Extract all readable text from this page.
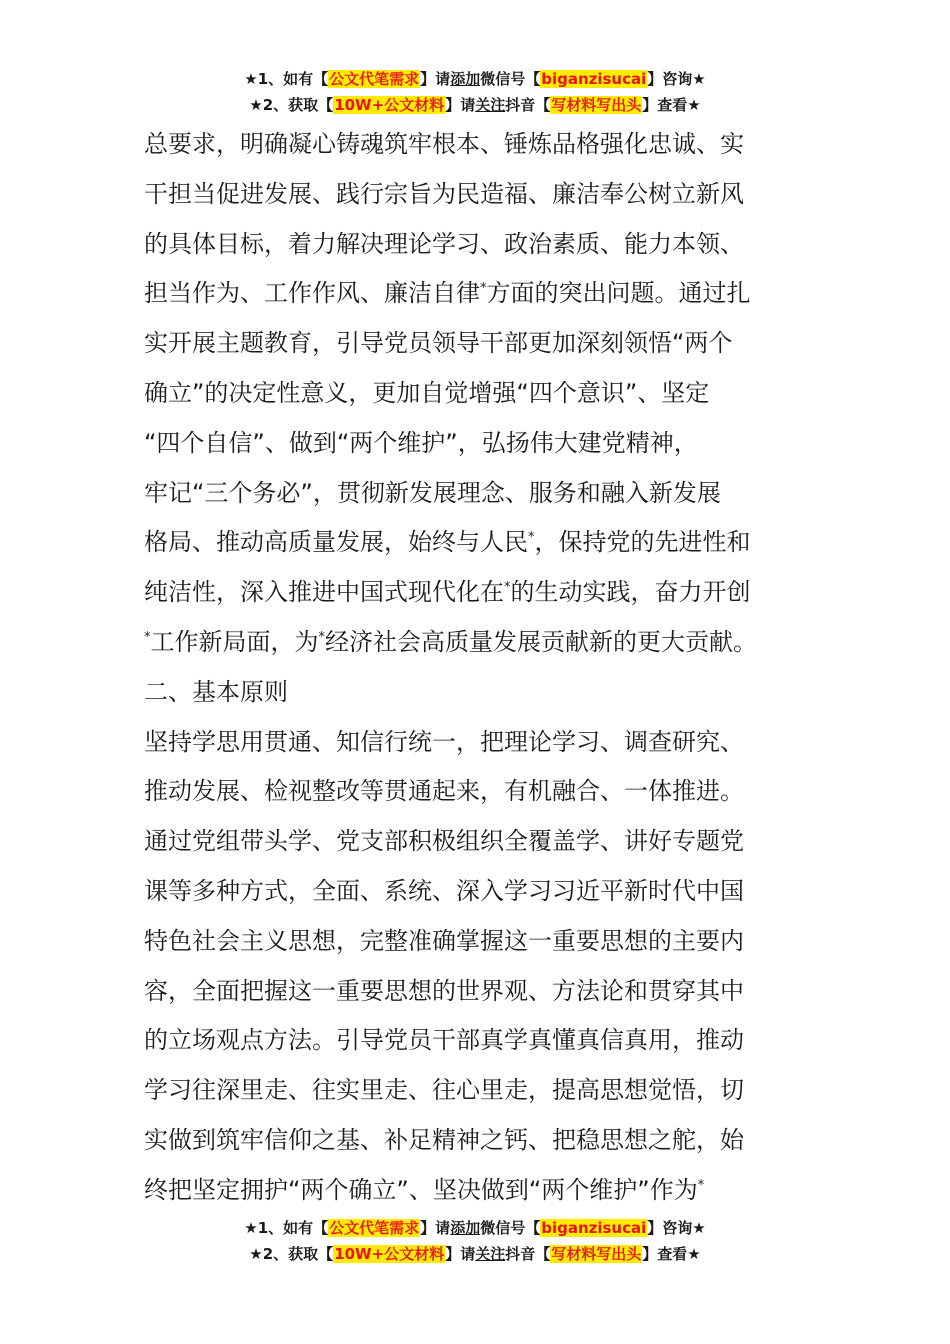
★1、如有【公文代笔需求】请添加微信号【biganzisucai】咨询★
★2、获取【10W+公文材料】请关注抖音【写材料写出头】查看★
总要求，明确凝心铸魂筑牢根本、锤炼品格强化忠诚、实
干担当促进发展、践行宗旨为民造福、廉洁奉公树立新风
的具体目标，着力解决理论学习、政治素质、能力本领、
担当作为、工作作风、廉洁自律*方面的突出问题。通过扎
实开展主题教育，引导党员领导干部更加深刻领悟“两个
确立”的决定性意义，更加自觉增强“四个意识”、坚定
“四个自信”、做到“两个维护”，弘扬伟大建党精神，
牢记“三个务必”，贯彻新发展理念、服务和融入新发展
格局、推动高质量发展，始终与人民*，保持党的先进性和
纯洁性，深入推进中国式现代化在*的生动实践，奋力开创
*工作新局面，为*经济社会高质量发展贡献新的更大贡献。
二、基本原则
坚持学思用贯通、知信行统一，把理论学习、调查研究、
推动发展、检视整改等贯通起来，有机融合、一体推进。
通过党组带头学、党支部积极组织全覆盖学、讲好专题党
课等多种方式，全面、系统、深入学习习近平新时代中国
特色社会主义思想，完整准确掌握这一重要思想的主要内
容，全面把握这一重要思想的世界观、方法论和贯穿其中
的立场观点方法。引导党员干部真学真懂真信真用，推动
学习往深里走、往实里走、往心里走，提高思想觉悟，切
实做到筑牢信仰之基、补足精神之钙、把稳思想之舵，始
终把坚定拥护“两个确立”、坚决做到“两个维护”作为*
★1、如有【公文代笔需求】请添加微信号【biganzisucai】咨询★
★2、获取【10W+公文材料】请关注抖音【写材料写出头】查看★
